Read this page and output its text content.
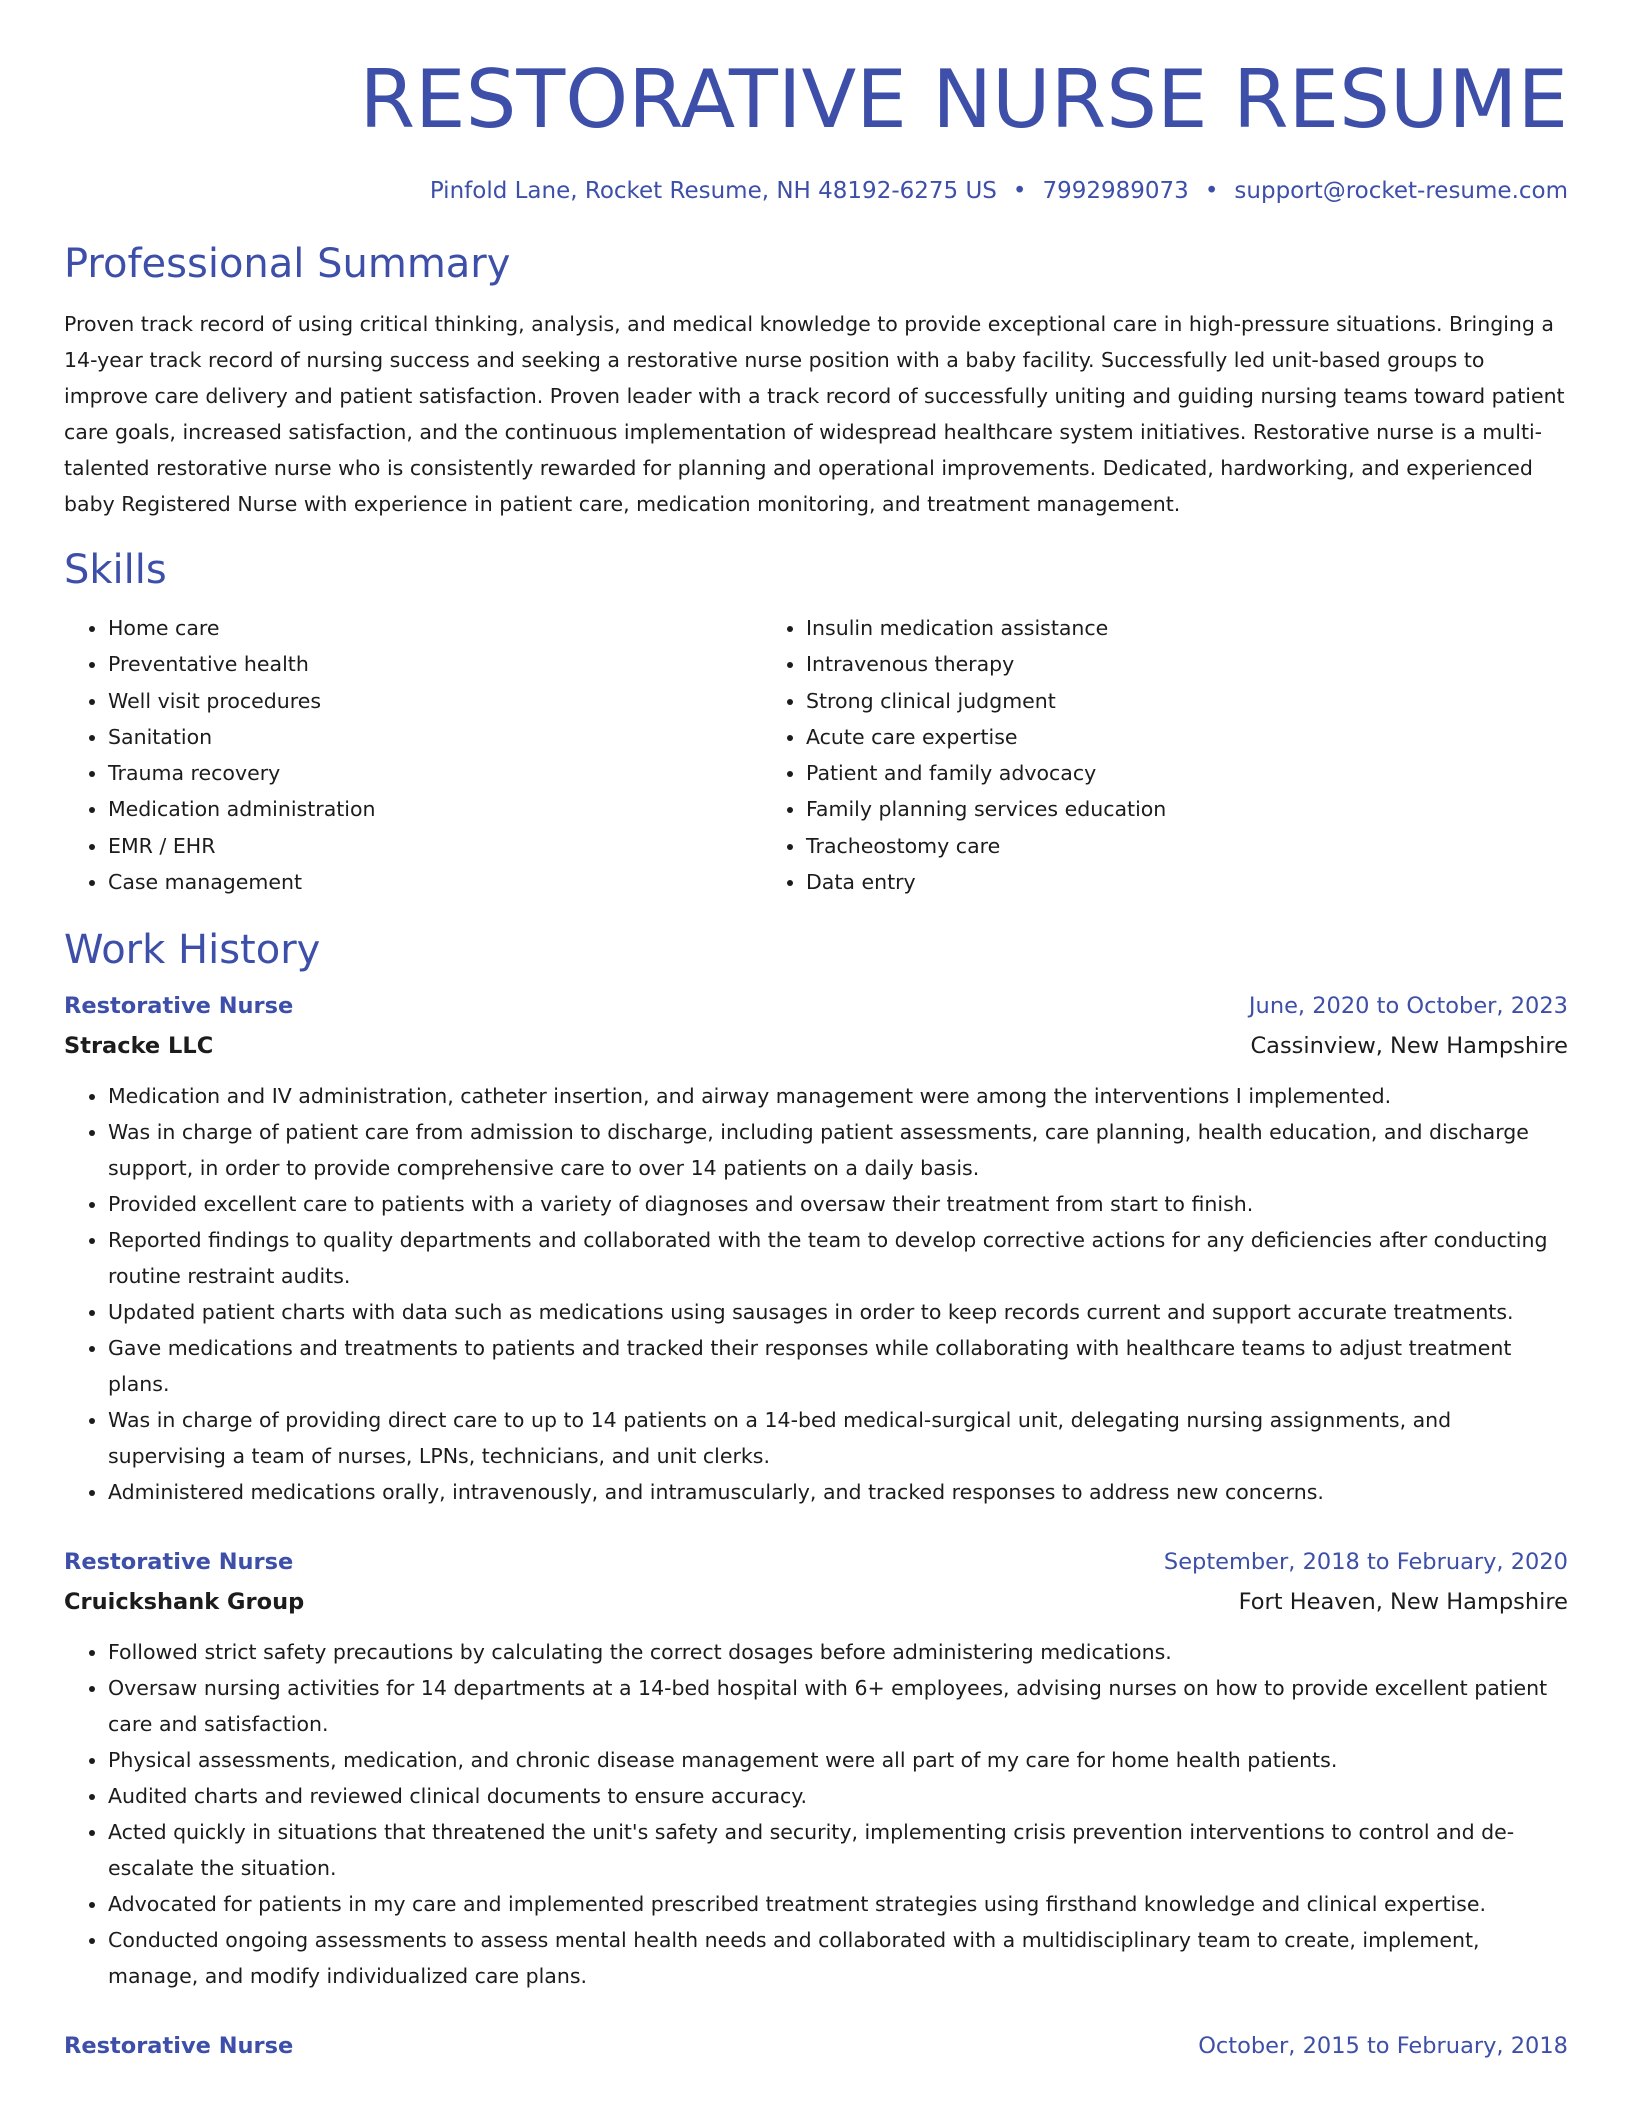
RESTORATIVE NURSE RESUME
Pinfold Lane, Rocket Resume, NH 48192-6275 US • 7992989073 • support@rocket-resume.com
Professional Summary

Proven track record of using critical thinking, analysis, and medical knowledge to provide exceptional care in high-pressure situations. Bringing a 14-year track record of nursing success and seeking a restorative nurse position with a baby facility. Successfully led unit-based groups to improve care delivery and patient satisfaction. Proven leader with a track record of successfully uniting and guiding nursing teams toward patient care goals, increased satisfaction, and the continuous implementation of widespread healthcare system initiatives. Restorative nurse is a multi-talented restorative nurse who is consistently rewarded for planning and operational improvements. Dedicated, hardworking, and experienced baby Registered Nurse with experience in patient care, medication monitoring, and treatment management.

Skills
• Home care
• Preventative health
• Well visit procedures
• Sanitation
• Trauma recovery
• Medication administration
• EMR / EHR
• Case management
• Insulin medication assistance
• Intravenous therapy
• Strong clinical judgment
• Acute care expertise
• Patient and family advocacy
• Family planning services education
• Tracheostomy care
• Data entry
Work History
Restorative Nurse	June, 2020 to October, 2023
Stracke LLC	Cassinview, New Hampshire
• Medication and IV administration, catheter insertion, and airway management were among the interventions I implemented.
• Was in charge of patient care from admission to discharge, including patient assessments, care planning, health education, and discharge support, in order to provide comprehensive care to over 14 patients on a daily basis.
• Provided excellent care to patients with a variety of diagnoses and oversaw their treatment from start to finish.
• Reported findings to quality departments and collaborated with the team to develop corrective actions for any deficiencies after conducting routine restraint audits.
• Updated patient charts with data such as medications using sausages in order to keep records current and support accurate treatments.
• Gave medications and treatments to patients and tracked their responses while collaborating with healthcare teams to adjust treatment plans.
• Was in charge of providing direct care to up to 14 patients on a 14-bed medical-surgical unit, delegating nursing assignments, and supervising a team of nurses, LPNs, technicians, and unit clerks.
• Administered medications orally, intravenously, and intramuscularly, and tracked responses to address new concerns.
Restorative Nurse	September, 2018 to February, 2020
Cruickshank Group	Fort Heaven, New Hampshire
• Followed strict safety precautions by calculating the correct dosages before administering medications.
• Oversaw nursing activities for 14 departments at a 14-bed hospital with 6+ employees, advising nurses on how to provide excellent patient care and satisfaction.
• Physical assessments, medication, and chronic disease management were all part of my care for home health patients.
• Audited charts and reviewed clinical documents to ensure accuracy.
• Acted quickly in situations that threatened the unit's safety and security, implementing crisis prevention interventions to control and de-escalate the situation.
• Advocated for patients in my care and implemented prescribed treatment strategies using firsthand knowledge and clinical expertise.
• Conducted ongoing assessments to assess mental health needs and collaborated with a multidisciplinary team to create, implement, manage, and modify individualized care plans.
Restorative Nurse	October, 2015 to February, 2018
